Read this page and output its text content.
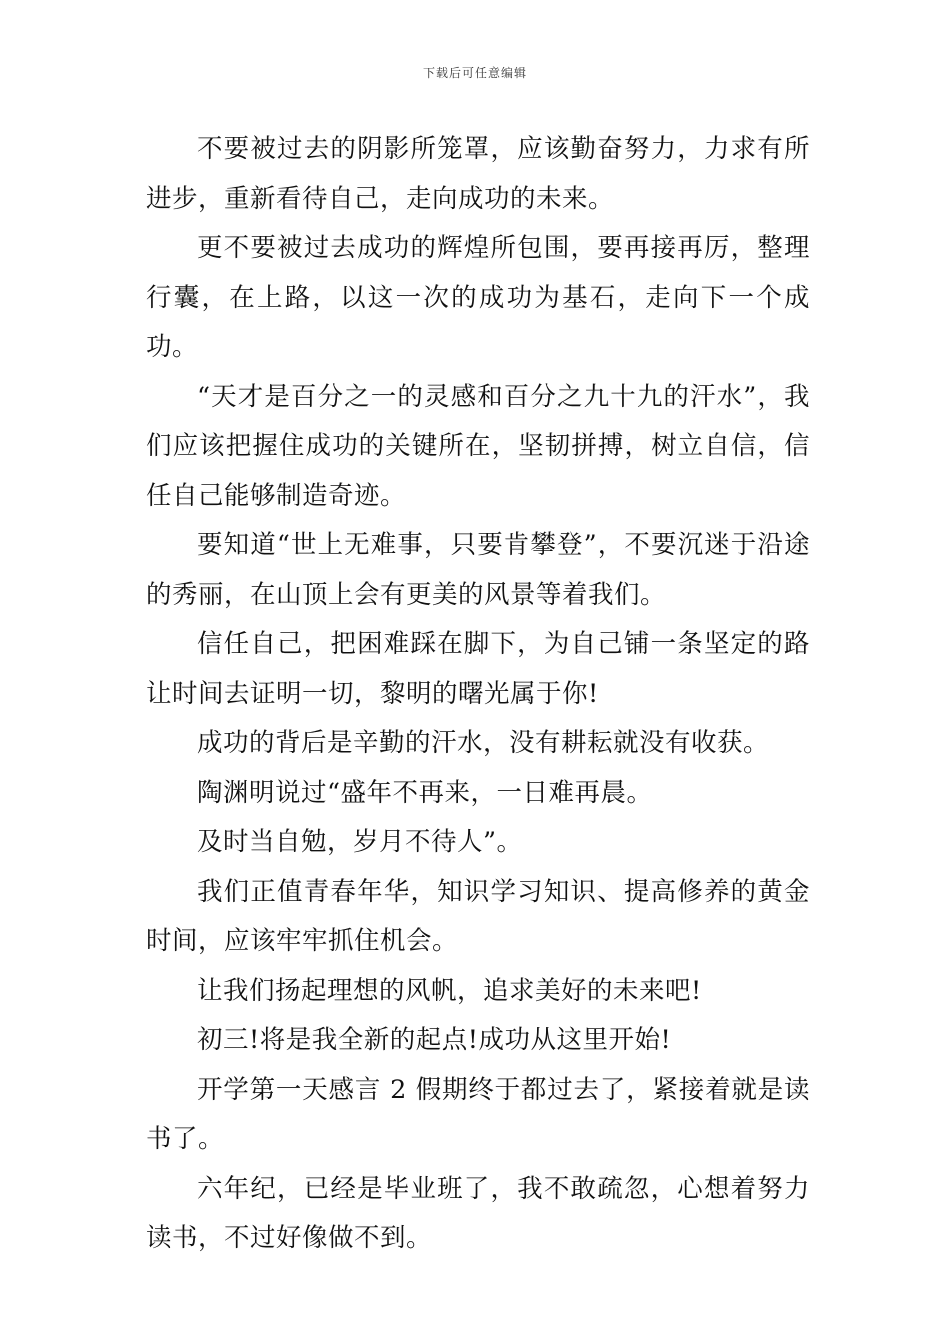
下载后可任意编辑

不要被过去的阴影所笼罩，应该勤奋努力，力求有所进步，重新看待自己，走向成功的未来。

更不要被过去成功的辉煌所包围，要再接再厉，整理行囊，在上路，以这一次的成功为基石，走向下一个成功。

“天才是百分之一的灵感和百分之九十九的汗水”，我们应该把握住成功的关键所在，坚韧拼搏，树立自信，信任自己能够制造奇迹。

要知道“世上无难事，只要肯攀登”，不要沉迷于沿途的秀丽，在山顶上会有更美的风景等着我们。

信任自己，把困难踩在脚下，为自己铺一条坚定的路让时间去证明一切，黎明的曙光属于你!

成功的背后是辛勤的汗水，没有耕耘就没有收获。

陶渊明说过“盛年不再来，一日难再晨。

及时当自勉，岁月不待人”。

我们正值青春年华，知识学习知识、提高修养的黄金时间，应该牢牢抓住机会。

让我们扬起理想的风帆，追求美好的未来吧!

初三!将是我全新的起点!成功从这里开始!

开学第一天感言 2 假期终于都过去了，紧接着就是读书了。

六年纪，已经是毕业班了，我不敢疏忽，心想着努力读书，不过好像做不到。
